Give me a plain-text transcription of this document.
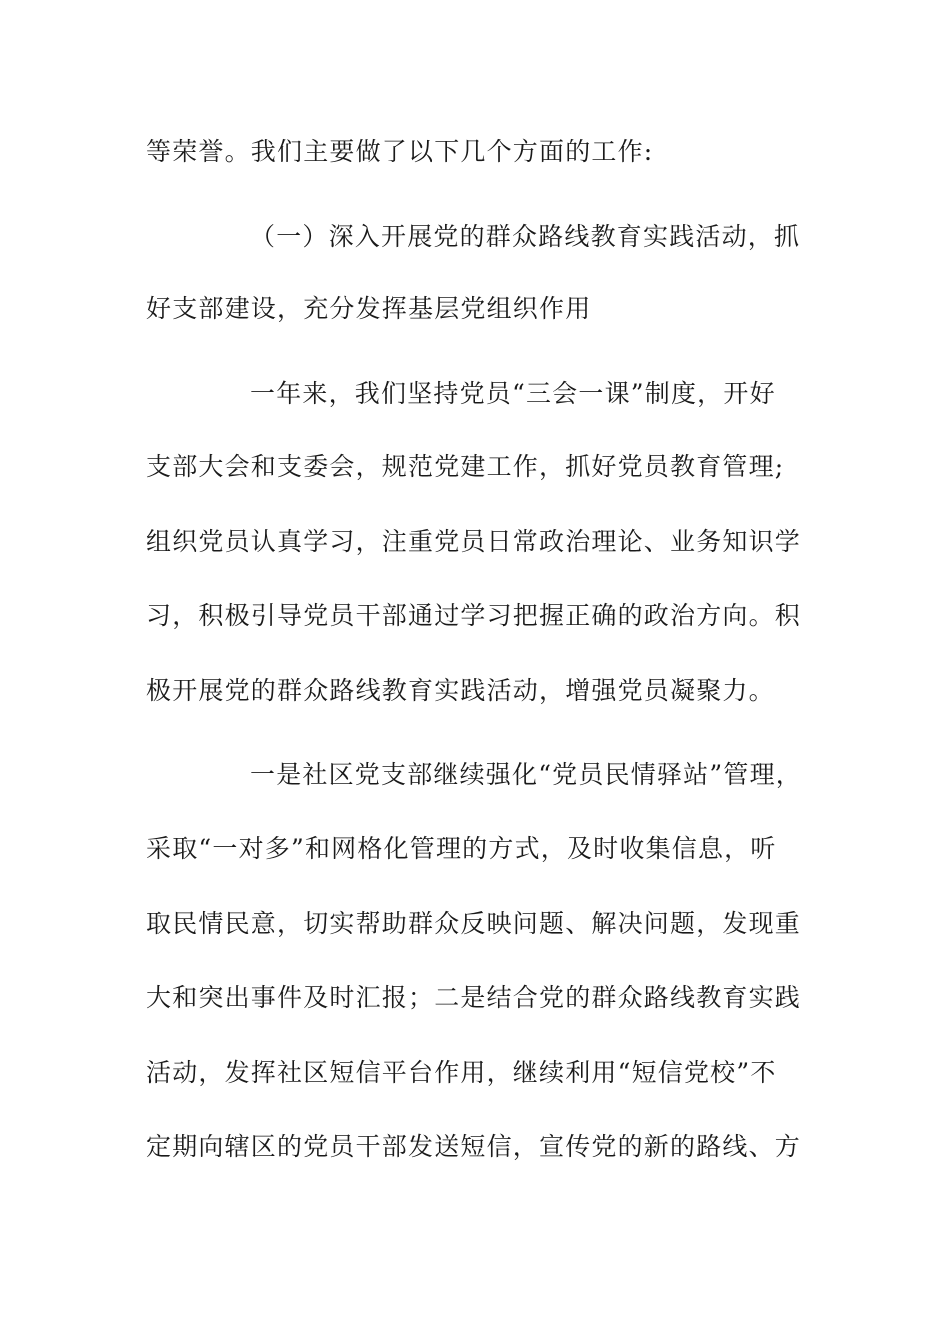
等荣誉。我们主要做了以下几个方面的工作:
（一）深入开展党的群众路线教育实践活动，抓
好支部建设，充分发挥基层党组织作用
一年来，我们坚持党员“三会一课”制度，开好
支部大会和支委会，规范党建工作，抓好党员教育管理;
组织党员认真学习，注重党员日常政治理论、业务知识学
习，积极引导党员干部通过学习把握正确的政治方向。积
极开展党的群众路线教育实践活动，增强党员凝聚力。
一是社区党支部继续强化“党员民情驿站”管理，
采取“一对多”和网格化管理的方式，及时收集信息，听
取民情民意，切实帮助群众反映问题、解决问题，发现重
大和突出事件及时汇报；二是结合党的群众路线教育实践
活动，发挥社区短信平台作用，继续利用“短信党校”不
定期向辖区的党员干部发送短信，宣传党的新的路线、方
